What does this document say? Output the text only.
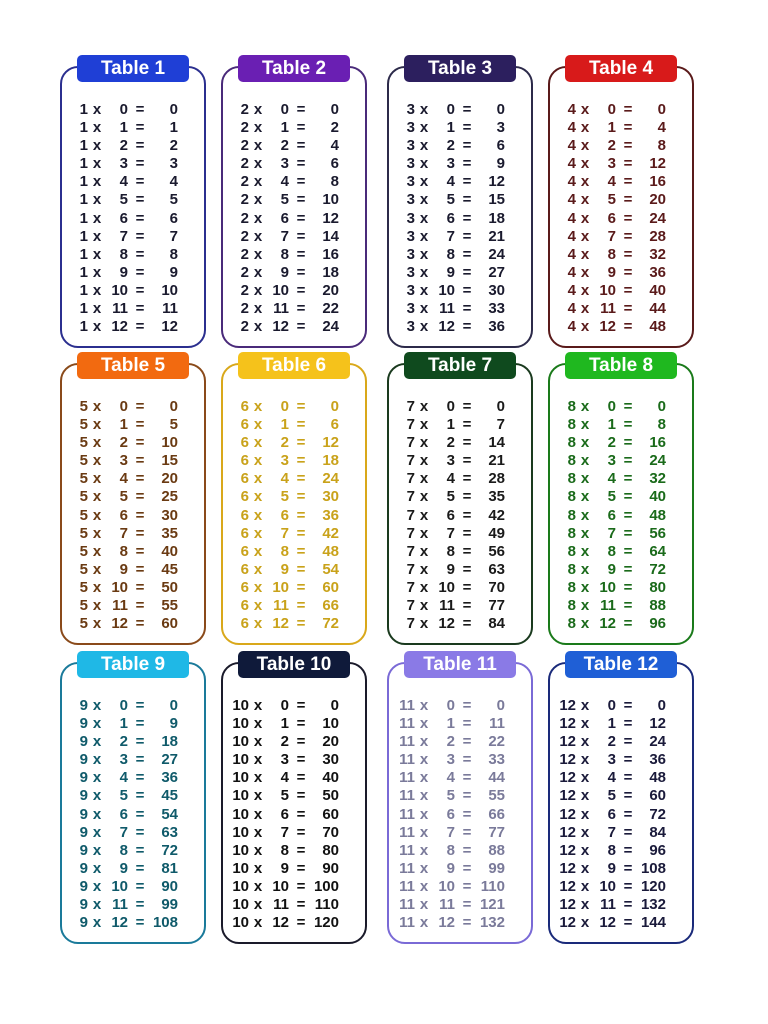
Table 1
1 x	0 =	0
1 x	1 =	1
1 x	2 =	2
1 x	3 =	3
1 x	4 =	4
1 x	5 =	5
1 x	6 =	6
1 x	7 =	7
1 x	8 =	8
1 x	9 =	9
1 x 10 =	10
1 x 11 =	11
1 x 12 =	12
Table 2
2 x	0 =	0
2 x	1 =	2
2 x	2 =	4
2 x	3 =	6
2 x	4 =	8
2 x	5 =	10
2 x	6 =	12
2 x	7 =	14
2 x	8 =	16
2 x	9 =	18
2 x 10 =	20
2 x 11 =	22
2 x 12 =	24
Table 3
3 x	0 =	0
3 x	1 =	3
3 x	2 =	6
3 x	3 =	9
3 x	4 =	12
3 x	5 =	15
3 x	6 =	18
3 x	7 =	21
3 x	8 =	24
3 x	9 =	27
3 x 10 =	30
3 x 11 =	33
3 x 12 =	36
Table 4
4 x	0 =	0
4 x	1 =	4
4 x	2 =	8
4 x	3 =	12
4 x	4 =	16
4 x	5 =	20
4 x	6 =	24
4 x	7 =	28
4 x	8 =	32
4 x	9 =	36
4 x 10 =	40
4 x 11 =	44
4 x 12 =	48
Table 5
5 x	0 =	0
5 x	1 =	5
5 x	2 =	10
5 x	3 =	15
5 x	4 =	20
5 x	5 =	25
5 x	6 =	30
5 x	7 =	35
5 x	8 =	40
5 x	9 =	45
5 x 10 =	50
5 x 11 =	55
5 x 12 =	60
Table 6
6 x	0 =	0
6 x	1 =	6
6 x	2 =	12
6 x	3 =	18
6 x	4 =	24
6 x	5 =	30
6 x	6 =	36
6 x	7 =	42
6 x	8 =	48
6 x	9 =	54
6 x 10 =	60
6 x 11 =	66
6 x 12 =	72
Table 7
7 x	0 =	0
7 x	1 =	7
7 x	2 =	14
7 x	3 =	21
7 x	4 =	28
7 x	5 =	35
7 x	6 =	42
7 x	7 =	49
7 x	8 =	56
7 x	9 =	63
7 x 10 =	70
7 x 11 =	77
7 x 12 =	84
Table 8
8 x	0 =	0
8 x	1 =	8
8 x	2 =	16
8 x	3 =	24
8 x	4 =	32
8 x	5 =	40
8 x	6 =	48
8 x	7 =	56
8 x	8 =	64
8 x	9 =	72
8 x 10 =	80
8 x 11 =	88
8 x 12 =	96
Table 9
9 x	0 =	0
9 x	1 =	9
9 x	2 =	18
9 x	3 =	27
9 x	4 =	36
9 x	5 =	45
9 x	6 =	54
9 x	7 =	63
9 x	8 =	72
9 x	9 =	81
9 x 10 =	90
9 x 11 =	99
9 x 12 = 108
Table 10
10 x	0 =	0
10 x	1 =	10
10 x	2 =	20
10 x	3 =	30
10 x	4 =	40
10 x	5 =	50
10 x	6 =	60
10 x	7 =	70
10 x	8 =	80
10 x	9 =	90
10 x 10 = 100
10 x 11 = 110
10 x 12 = 120
Table 11
11 x	0 =	0
11 x	1 =	11
11 x	2 =	22
11 x	3 =	33
11 x	4 =	44
11 x	5 =	55
11 x	6 =	66
11 x	7 =	77
11 x	8 =	88
11 x	9 =	99
11 x 10 = 110
11 x 11 = 121
11 x 12 = 132
Table 12
12 x	0 =	0
12 x	1 =	12
12 x	2 =	24
12 x	3 =	36
12 x	4 =	48
12 x	5 =	60
12 x	6 =	72
12 x	7 =	84
12 x	8 =	96
12 x	9 = 108
12 x 10 = 120
12 x 11 = 132
12 x 12 = 144
